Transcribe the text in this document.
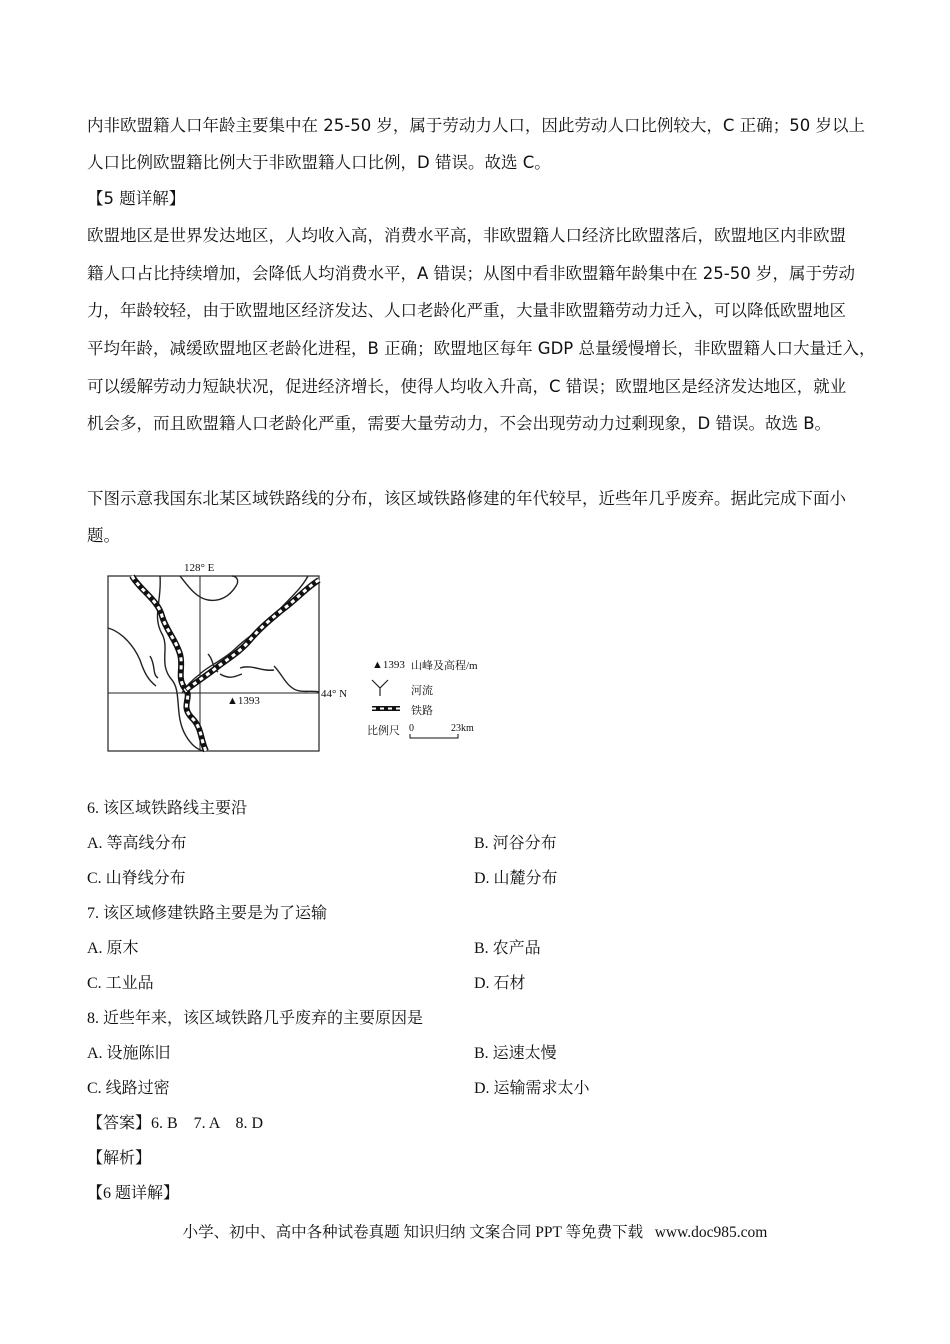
内非欧盟籍人口年龄主要集中在 25-50 岁，属于劳动力人口，因此劳动人口比例较大，C 正确；50 岁以上
人口比例欧盟籍比例大于非欧盟籍人口比例，D 错误。故选 C。
【5 题详解】
欧盟地区是世界发达地区，人均收入高，消费水平高，非欧盟籍人口经济比欧盟落后，欧盟地区内非欧盟
籍人口占比持续增加，会降低人均消费水平，A 错误；从图中看非欧盟籍年龄集中在 25-50 岁，属于劳动
力，年龄较轻，由于欧盟地区经济发达、人口老龄化严重，大量非欧盟籍劳动力迁入，可以降低欧盟地区
平均年龄，减缓欧盟地区老龄化进程，B 正确；欧盟地区每年 GDP 总量缓慢增长，非欧盟籍人口大量迁入，
可以缓解劳动力短缺状况，促进经济增长，使得人均收入升高，C 错误；欧盟地区是经济发达地区，就业
机会多，而且欧盟籍人口老龄化严重，需要大量劳动力，不会出现劳动力过剩现象，D 错误。故选 B。
下图示意我国东北某区域铁路线的分布，该区域铁路修建的年代较早，近些年几乎废弃。据此完成下面小
题。
128° E
44° N
▲1393
▲1393 山峰及高程/m
河流
铁路
比例尺 0	23km
6. 该区域铁路线主要沿
A. 等高线分布	B. 河谷分布
C. 山脊线分布	D. 山麓分布
7. 该区域修建铁路主要是为了运输
A. 原木	B. 农产品
C. 工业品	D. 石材
8. 近些年来，该区域铁路几乎废弃的主要原因是
A. 设施陈旧	B. 运速太慢
C. 线路过密	D. 运输需求太小
【答案】6. B    7. A    8. D
【解析】
【6 题详解】
小学、初中、高中各种试卷真题 知识归纳 文案合同 PPT 等免费下载   www.doc985.com
